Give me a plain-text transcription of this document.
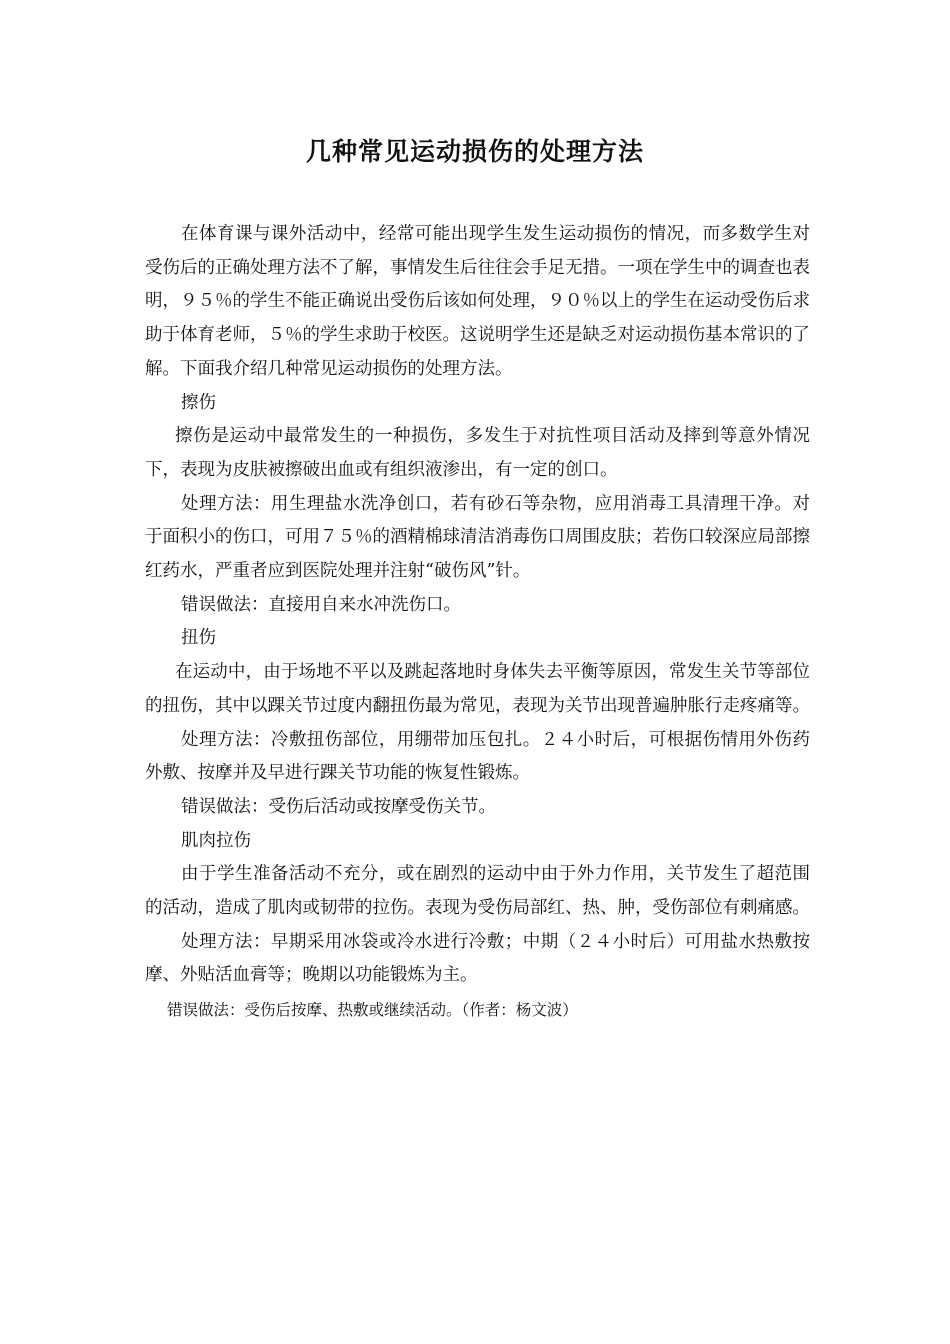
几种常见运动损伤的处理方法

在体育课与课外活动中，经常可能出现学生发生运动损伤的情况，而多数学生对受伤后的正确处理方法不了解，事情发生后往往会手足无措。一项在学生中的调查也表明，９５％的学生不能正确说出受伤后该如何处理，９０％以上的学生在运动受伤后求助于体育老师，５％的学生求助于校医。这说明学生还是缺乏对运动损伤基本常识的了解。下面我介绍几种常见运动损伤的处理方法。

擦伤

擦伤是运动中最常发生的一种损伤，多发生于对抗性项目活动及摔到等意外情况下，表现为皮肤被擦破出血或有组织液渗出，有一定的创口。

处理方法：用生理盐水洗净创口，若有砂石等杂物，应用消毒工具清理干净。对于面积小的伤口，可用７５％的酒精棉球清洁消毒伤口周围皮肤；若伤口较深应局部擦红药水，严重者应到医院处理并注射“破伤风”针。

错误做法：直接用自来水冲洗伤口。

扭伤

在运动中，由于场地不平以及跳起落地时身体失去平衡等原因，常发生关节等部位的扭伤，其中以踝关节过度内翻扭伤最为常见，表现为关节出现普遍肿胀行走疼痛等。

处理方法：冷敷扭伤部位，用绷带加压包扎。２４小时后，可根据伤情用外伤药外敷、按摩并及早进行踝关节功能的恢复性锻炼。

错误做法：受伤后活动或按摩受伤关节。

肌肉拉伤

由于学生准备活动不充分，或在剧烈的运动中由于外力作用，关节发生了超范围的活动，造成了肌肉或韧带的拉伤。表现为受伤局部红、热、肿，受伤部位有刺痛感。

处理方法：早期采用冰袋或冷水进行冷敷；中期（２４小时后）可用盐水热敷按摩、外贴活血膏等；晚期以功能锻炼为主。

错误做法：受伤后按摩、热敷或继续活动。（作者：杨文波）
